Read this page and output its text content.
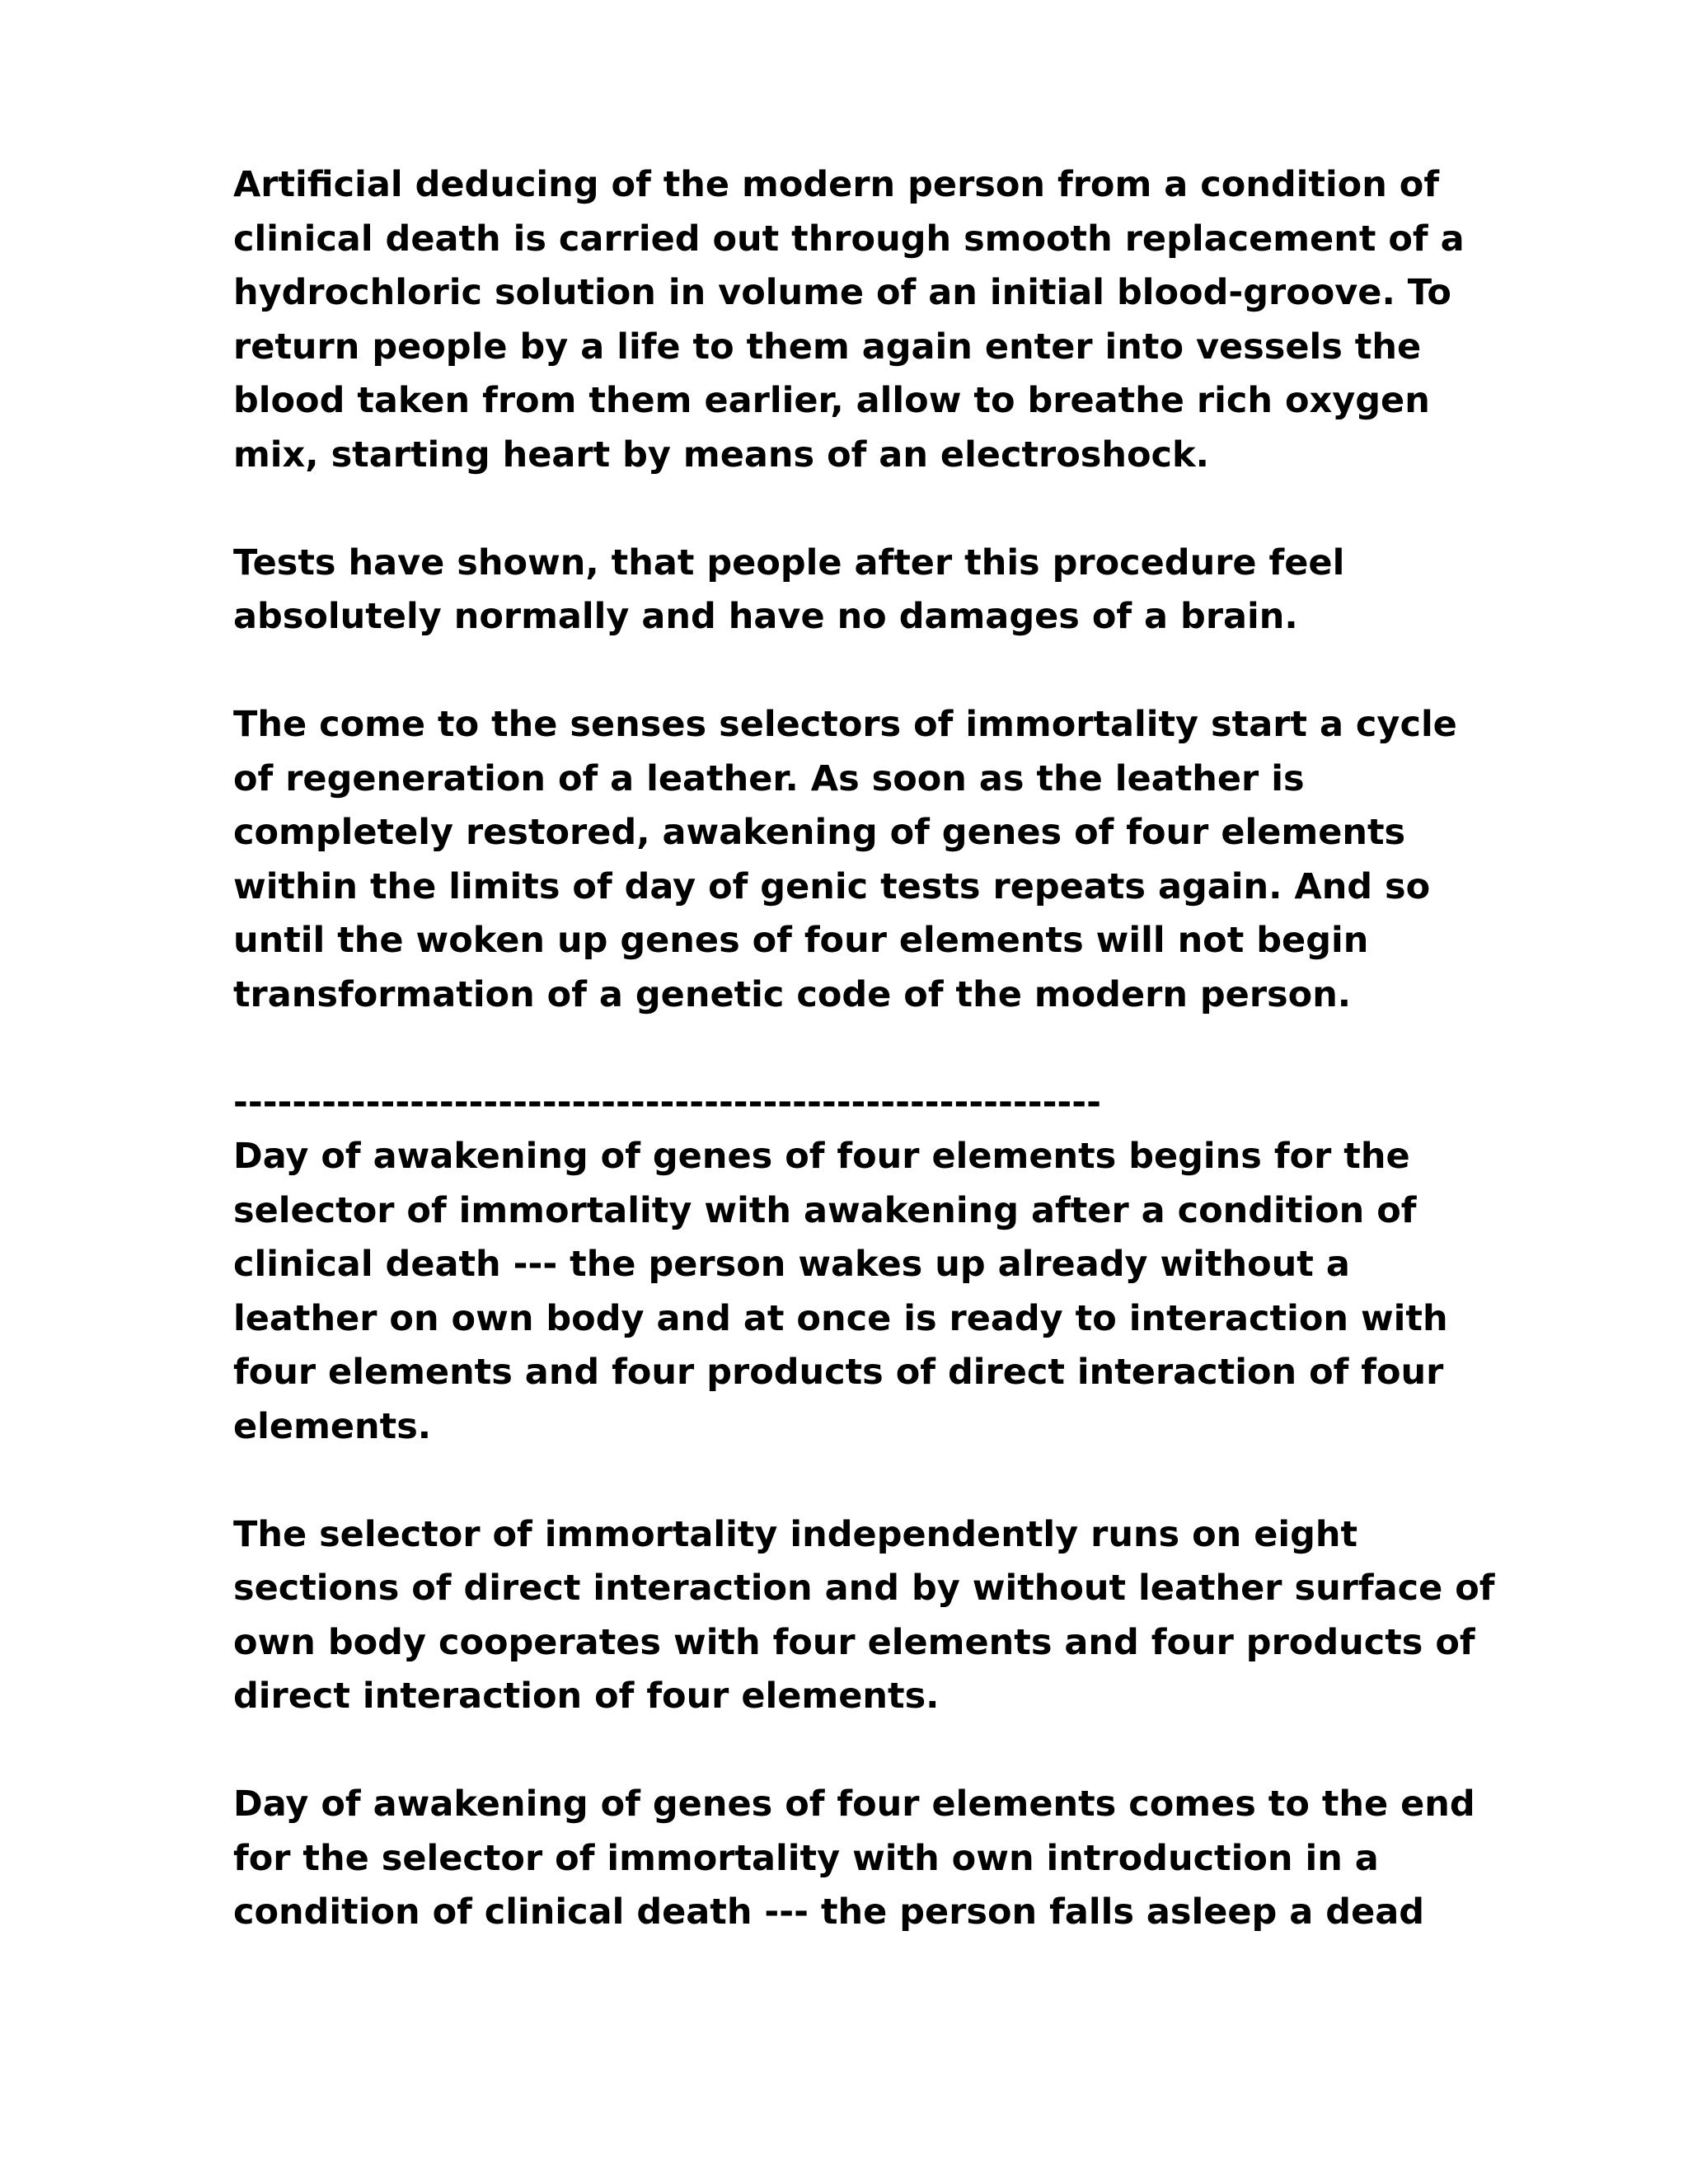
Artificial deducing of the modern person from a condition of
clinical death is carried out through smooth replacement of a
hydrochloric solution in volume of an initial blood-groove. To
return people by a life to them again enter into vessels the
blood taken from them earlier, allow to breathe rich oxygen
mix, starting heart by means of an electroshock.
Tests have shown, that people after this procedure feel
absolutely normally and have no damages of a brain.
The come to the senses selectors of immortality start a cycle
of regeneration of a leather. As soon as the leather is
completely restored, awakening of genes of four elements
within the limits of day of genic tests repeats again. And so
until the woken up genes of four elements will not begin
transformation of a genetic code of the modern person.
-----------------------------------------------------------
Day of awakening of genes of four elements begins for the
selector of immortality with awakening after a condition of
clinical death --- the person wakes up already without a
leather on own body and at once is ready to interaction with
four elements and four products of direct interaction of four
elements.
The selector of immortality independently runs on eight
sections of direct interaction and by without leather surface of
own body cooperates with four elements and four products of
direct interaction of four elements.
Day of awakening of genes of four elements comes to the end
for the selector of immortality with own introduction in a
condition of clinical death --- the person falls asleep a dead
